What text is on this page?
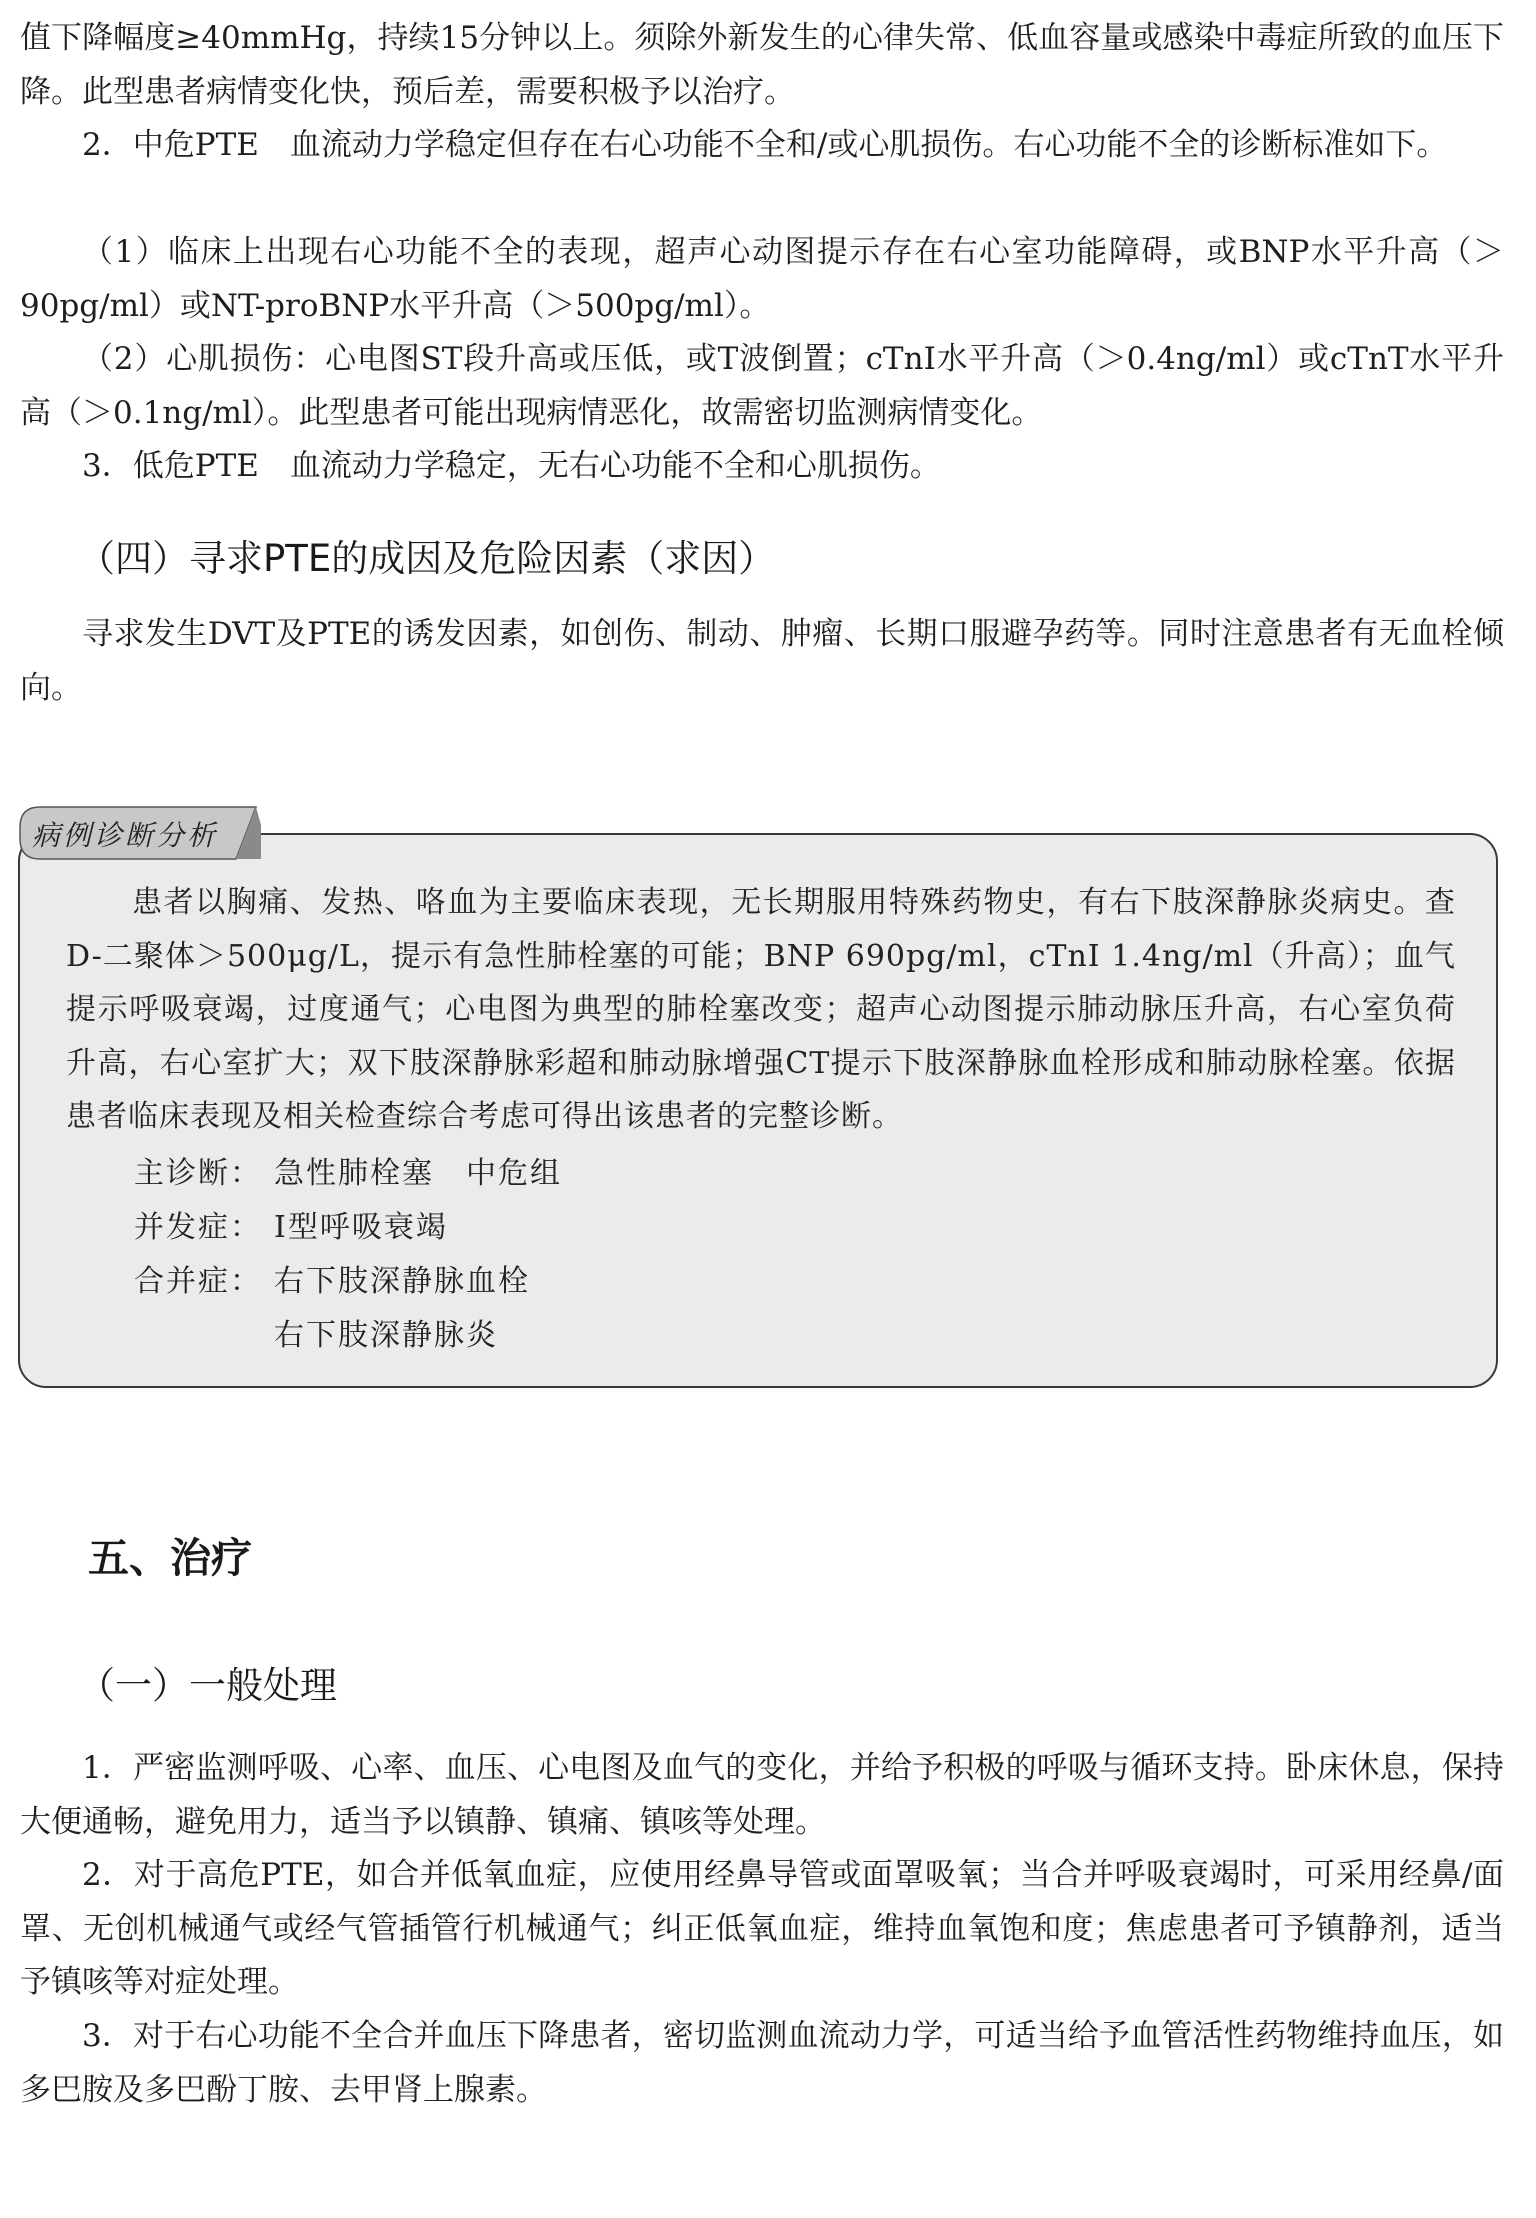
值下降幅度≥40mmHg，持续15分钟以上。须除外新发生的心律失常、低血容量或感染中毒症所致的血压下降。此型患者病情变化快，预后差，需要积极予以治疗。

2．中危PTE　血流动力学稳定但存在右心功能不全和/或心肌损伤。右心功能不全的诊断标准如下。

（1）临床上出现右心功能不全的表现，超声心动图提示存在右心室功能障碍，或BNP水平升高（＞90pg/ml）或NT-proBNP水平升高（＞500pg/ml）。

（2）心肌损伤：心电图ST段升高或压低，或T波倒置；cTnI水平升高（＞0.4ng/ml）或cTnT水平升高（＞0.1ng/ml）。此型患者可能出现病情恶化，故需密切监测病情变化。

3．低危PTE　血流动力学稳定，无右心功能不全和心肌损伤。

（四）寻求PTE的成因及危险因素（求因）

寻求发生DVT及PTE的诱发因素，如创伤、制动、肿瘤、长期口服避孕药等。同时注意患者有无血栓倾向。

病例诊断分析

患者以胸痛、发热、咯血为主要临床表现，无长期服用特殊药物史，有右下肢深静脉炎病史。查D-二聚体＞500μg/L，提示有急性肺栓塞的可能；BNP 690pg/ml，cTnI 1.4ng/ml（升高）；血气提示呼吸衰竭，过度通气；心电图为典型的肺栓塞改变；超声心动图提示肺动脉压升高，右心室负荷升高，右心室扩大；双下肢深静脉彩超和肺动脉增强CT提示下肢深静脉血栓形成和肺动脉栓塞。依据患者临床表现及相关检查综合考虑可得出该患者的完整诊断。

主诊断： 急性肺栓塞　中危组
并发症： Ⅰ型呼吸衰竭
合并症： 右下肢深静脉血栓
右下肢深静脉炎
五、治疗
（一）一般处理

1．严密监测呼吸、心率、血压、心电图及血气的变化，并给予积极的呼吸与循环支持。卧床休息，保持大便通畅，避免用力，适当予以镇静、镇痛、镇咳等处理。

2．对于高危PTE，如合并低氧血症，应使用经鼻导管或面罩吸氧；当合并呼吸衰竭时，可采用经鼻/面罩、无创机械通气或经气管插管行机械通气；纠正低氧血症，维持血氧饱和度；焦虑患者可予镇静剂，适当予镇咳等对症处理。

3．对于右心功能不全合并血压下降患者，密切监测血流动力学，可适当给予血管活性药物维持血压，如多巴胺及多巴酚丁胺、去甲肾上腺素。
